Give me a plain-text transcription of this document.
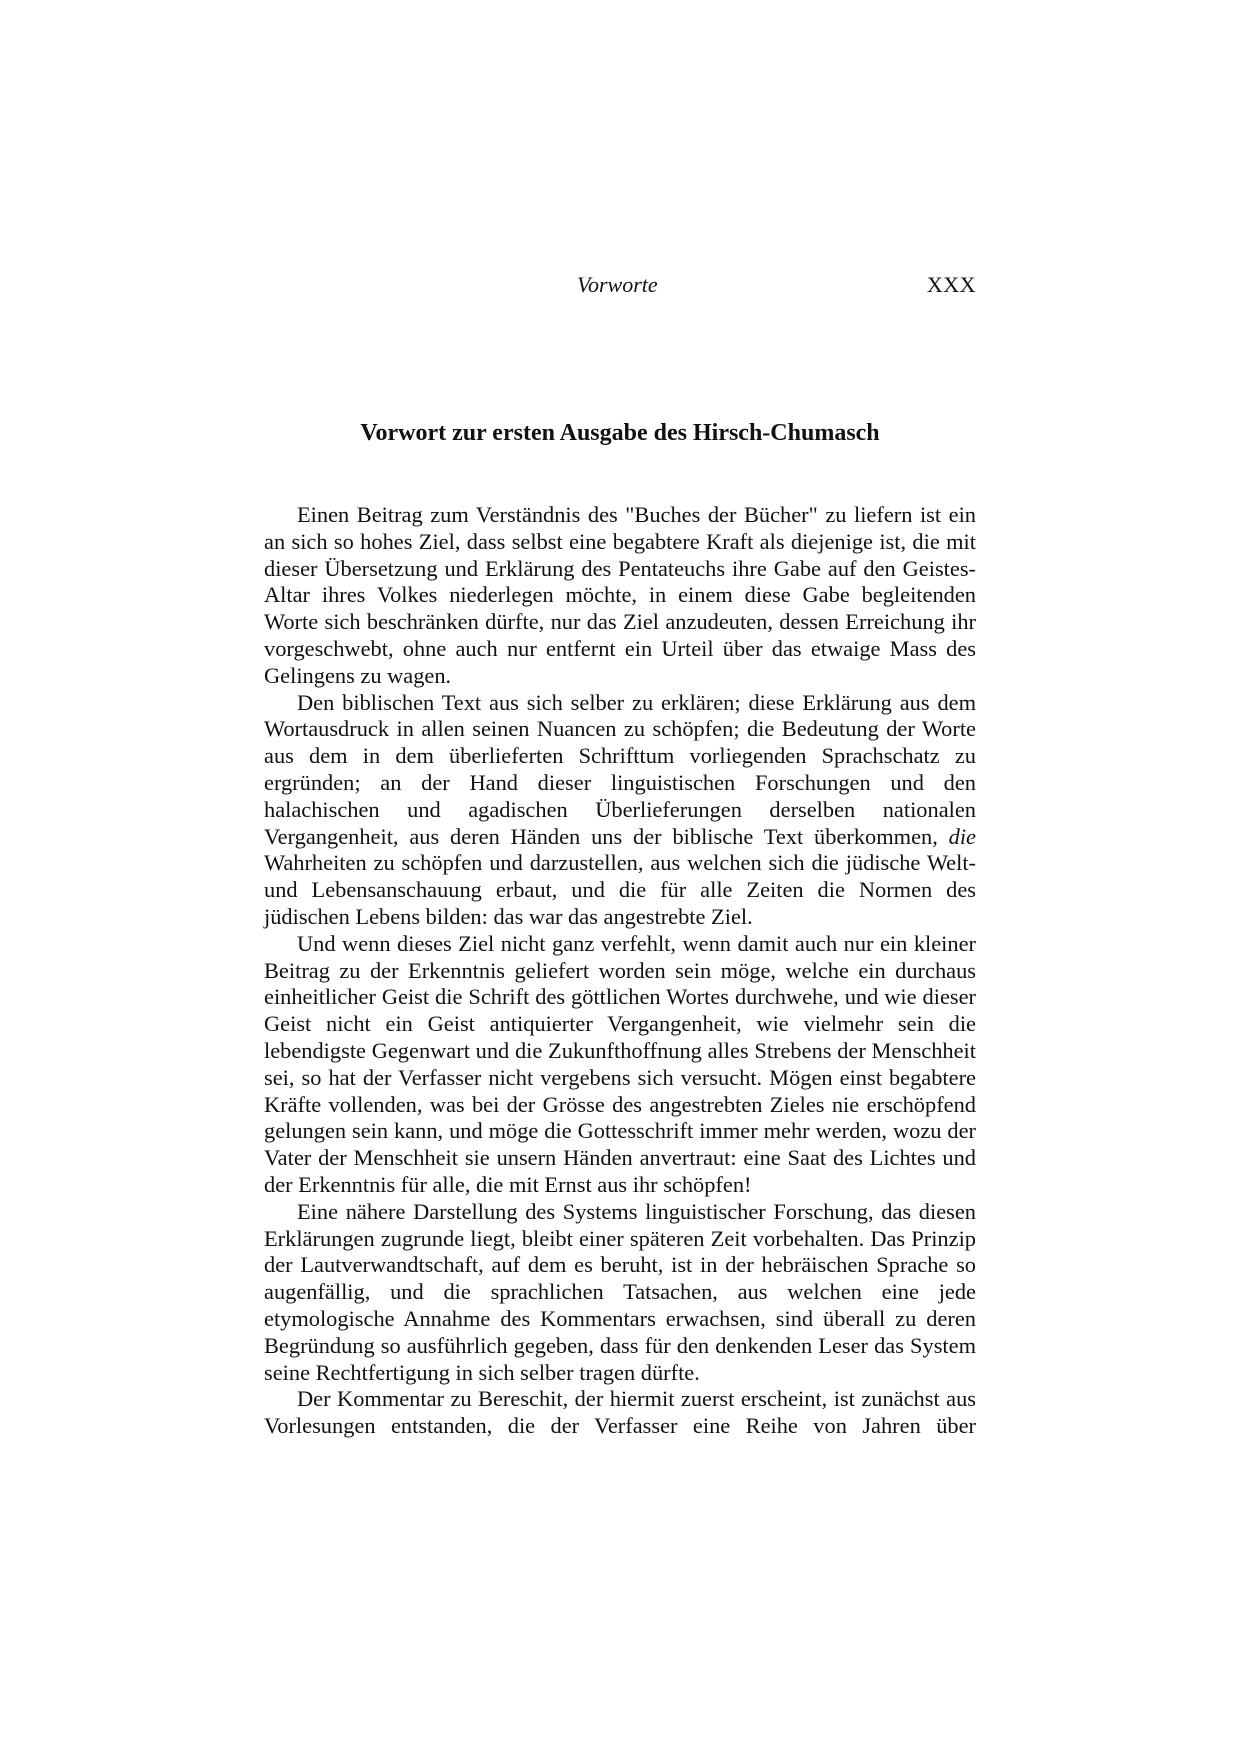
Vorworte	XXX
Vorwort zur ersten Ausgabe des Hirsch-Chumasch

Einen Beitrag zum Verständnis des "Buches der Bücher" zu liefern ist ein an sich so hohes Ziel, dass selbst eine begabtere Kraft als diejenige ist, die mit dieser Übersetzung und Erklärung des Pentateuchs ihre Gabe auf den Geistes-Altar ihres Volkes niederlegen möchte, in einem diese Gabe begleitenden Worte sich beschränken dürfte, nur das Ziel anzudeuten, dessen Erreichung ihr vorgeschwebt, ohne auch nur entfernt ein Urteil über das etwaige Mass des Gelingens zu wagen.

Den biblischen Text aus sich selber zu erklären; diese Erklärung aus dem Wortausdruck in allen seinen Nuancen zu schöpfen; die Bedeutung der Worte aus dem in dem überlieferten Schrifttum vorliegenden Sprachschatz zu ergründen; an der Hand dieser linguistischen Forschungen und den halachischen und agadischen Überlieferungen derselben nationalen Vergangenheit, aus deren Händen uns der biblische Text überkommen, die Wahrheiten zu schöpfen und darzustellen, aus welchen sich die jüdische Welt- und Lebensanschauung erbaut, und die für alle Zeiten die Normen des jüdischen Lebens bilden: das war das angestrebte Ziel.

Und wenn dieses Ziel nicht ganz verfehlt, wenn damit auch nur ein kleiner Beitrag zu der Erkenntnis geliefert worden sein möge, welche ein durchaus einheitlicher Geist die Schrift des göttlichen Wortes durchwehe, und wie dieser Geist nicht ein Geist antiquierter Vergangenheit, wie vielmehr sein die lebendigste Gegenwart und die Zukunfthoffnung alles Strebens der Menschheit sei, so hat der Verfasser nicht vergebens sich versucht. Mögen einst begabtere Kräfte vollenden, was bei der Grösse des angestrebten Zieles nie erschöpfend gelungen sein kann, und möge die Gottesschrift immer mehr werden, wozu der Vater der Menschheit sie unsern Händen anvertraut: eine Saat des Lichtes und der Erkenntnis für alle, die mit Ernst aus ihr schöpfen!

Eine nähere Darstellung des Systems linguistischer Forschung, das diesen Erklärungen zugrunde liegt, bleibt einer späteren Zeit vorbehalten. Das Prinzip der Lautverwandtschaft, auf dem es beruht, ist in der hebräischen Sprache so augenfällig, und die sprachlichen Tatsachen, aus welchen eine jede etymologische Annahme des Kommentars erwachsen, sind überall zu deren Begründung so ausführlich gegeben, dass für den denkenden Leser das System seine Rechtfertigung in sich selber tragen dürfte.

Der Kommentar zu Bereschit, der hiermit zuerst erscheint, ist zunächst aus Vorlesungen entstanden, die der Verfasser eine Reihe von Jahren über
